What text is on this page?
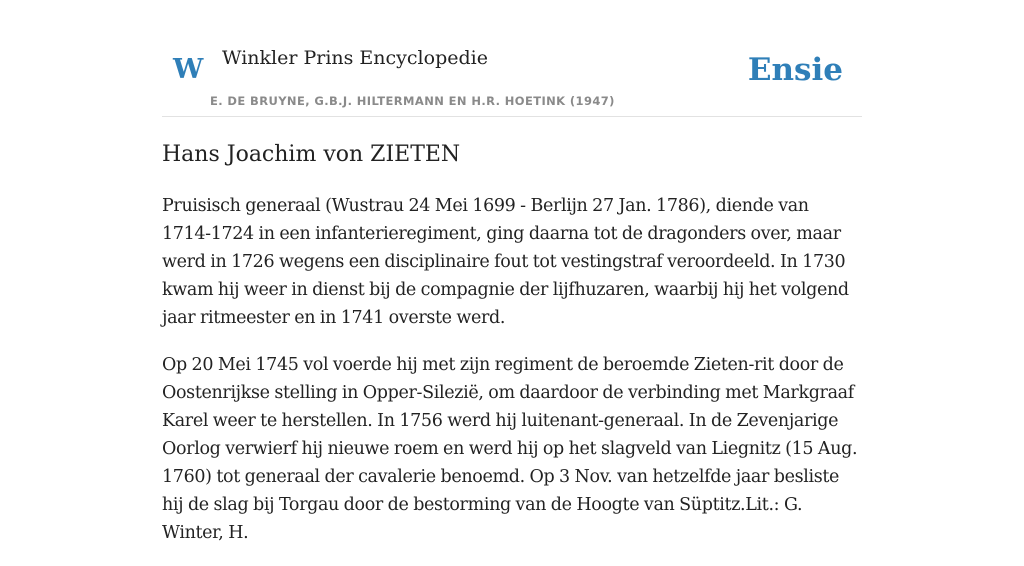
W Winkler Prins Encyclopedie
E. DE BRUYNE, G.B.J. HILTERMANN EN H.R. HOETINK (1947)
Ensie
Hans Joachim von ZIETEN

Pruisisch generaal (Wustrau 24 Mei 1699 - Berlijn 27 Jan. 1786), diende van 1714-1724 in een infanterieregiment, ging daarna tot de dragonders over, maar werd in 1726 wegens een disciplinaire fout tot vestingstraf veroordeeld. In 1730 kwam hij weer in dienst bij de compagnie der lijfhuzaren, waarbij hij het volgend jaar ritmeester en in 1741 overste werd.

Op 20 Mei 1745 vol voerde hij met zijn regiment de beroemde Zieten-rit door de Oostenrijkse stelling in Opper-Silezië, om daardoor de verbinding met Markgraaf Karel weer te herstellen. In 1756 werd hij luitenant-generaal. In de Zevenjarige Oorlog verwierf hij nieuwe roem en werd hij op het slagveld van Liegnitz (15 Aug. 1760) tot generaal der cavalerie benoemd. Op 3 Nov. van hetzelfde jaar besliste hij de slag bij Torgau door de bestorming van de Hoogte van Süptitz.Lit.: G. Winter, H.
